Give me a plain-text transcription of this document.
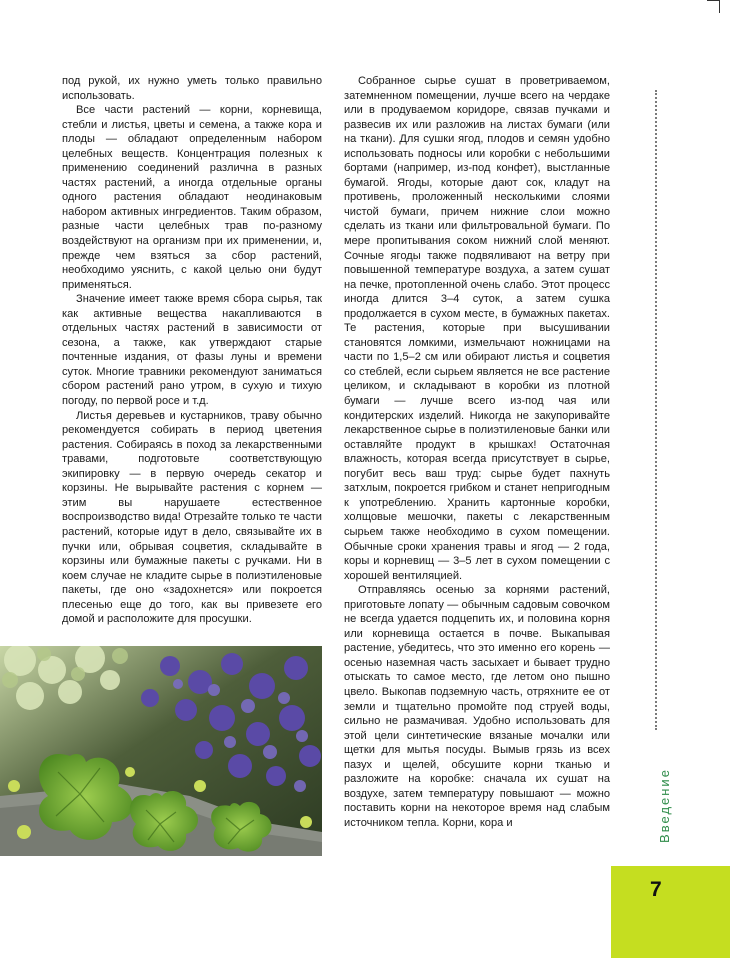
под рукой, их нужно уметь только правильно использовать.

Все части растений — корни, корневища, стебли и листья, цветы и семена, а также кора и плоды — обладают определенным набором целебных веществ. Концентрация полезных к применению соединений различна в разных частях растений, а иногда отдельные органы одного растения обладают неодинаковым набором активных ингредиентов. Таким образом, разные части целебных трав по-разному воздействуют на организм при их применении, и, прежде чем взяться за сбор растений, необходимо уяснить, с какой целью они будут применяться.

Значение имеет также время сбора сырья, так как активные вещества накапливаются в отдельных частях растений в зависимости от сезона, а также, как утверждают старые почтенные издания, от фазы луны и времени суток. Многие травники рекомендуют заниматься сбором растений рано утром, в сухую и тихую погоду, по первой росе и т.д.

Листья деревьев и кустарников, траву обычно рекомендуется собирать в период цветения растения. Собираясь в поход за лекарственными травами, подготовьте соответствующую экипировку — в первую очередь секатор и корзины. Не вырывайте растения с корнем — этим вы нарушаете естественное воспроизводство вида! Отрезайте только те части растений, которые идут в дело, связывайте их в пучки или, обрывая соцветия, складывайте в корзины или бумажные пакеты с ручками. Ни в коем случае не кладите сырье в полиэтиленовые пакеты, где оно «задохнется» или покроется плесенью еще до того, как вы привезете его домой и расположите для просушки.

Собранное сырье сушат в проветриваемом, затемненном помещении, лучше всего на чердаке или в продуваемом коридоре, связав пучками и развесив их или разложив на листах бумаги (или на ткани). Для сушки ягод, плодов и семян удобно использовать подносы или коробки с небольшими бортами (например, из-под конфет), выстланные бумагой. Ягоды, которые дают сок, кладут на противень, проложенный несколькими слоями чистой бумаги, причем нижние слои можно сделать из ткани или фильтровальной бумаги. По мере пропитывания соком нижний слой меняют. Сочные ягоды также подвяливают на ветру при повышенной температуре воздуха, а затем сушат на печке, протопленной очень слабо. Этот процесс иногда длится 3–4 суток, а затем сушка продолжается в сухом месте, в бумажных пакетах. Те растения, которые при высушивании становятся ломкими, измельчают ножницами на части по 1,5–2 см или обирают листья и соцветия со стеблей, если сырьем является не все растение целиком, и складывают в коробки из плотной бумаги — лучше всего из-под чая или кондитерских изделий. Никогда не закупоривайте лекарственное сырье в полиэтиленовые банки или оставляйте продукт в крышках! Остаточная влажность, которая всегда присутствует в сырье, погубит весь ваш труд: сырье будет пахнуть затхлым, покроется грибком и станет непригодным к употреблению. Хранить картонные коробки, холщовые мешочки, пакеты с лекарственным сырьем также необходимо в сухом помещении. Обычные сроки хранения травы и ягод — 2 года, коры и корневищ — 3–5 лет в сухом помещении с хорошей вентиляцией.

Отправляясь осенью за корнями растений, приготовьте лопату — обычным садовым совочком не всегда удается подцепить их, и половина корня или корневища остается в почве. Выкапывая растение, убедитесь, что это именно его корень — осенью наземная часть засыхает и бывает трудно отыскать то самое место, где летом оно пышно цвело. Выкопав подземную часть, отряхните ее от земли и тщательно промойте под струей воды, сильно не размачивая. Удобно использовать для этой цели синтетические вязаные мочалки или щетки для мытья посуды. Вымыв грязь из всех пазух и щелей, обсушите корни тканью и разложите на коробке: сначала их сушат на воздухе, затем температуру повышают — можно поставить корни на некоторое время над слабым источником тепла. Корни, кора и	Введение
7
